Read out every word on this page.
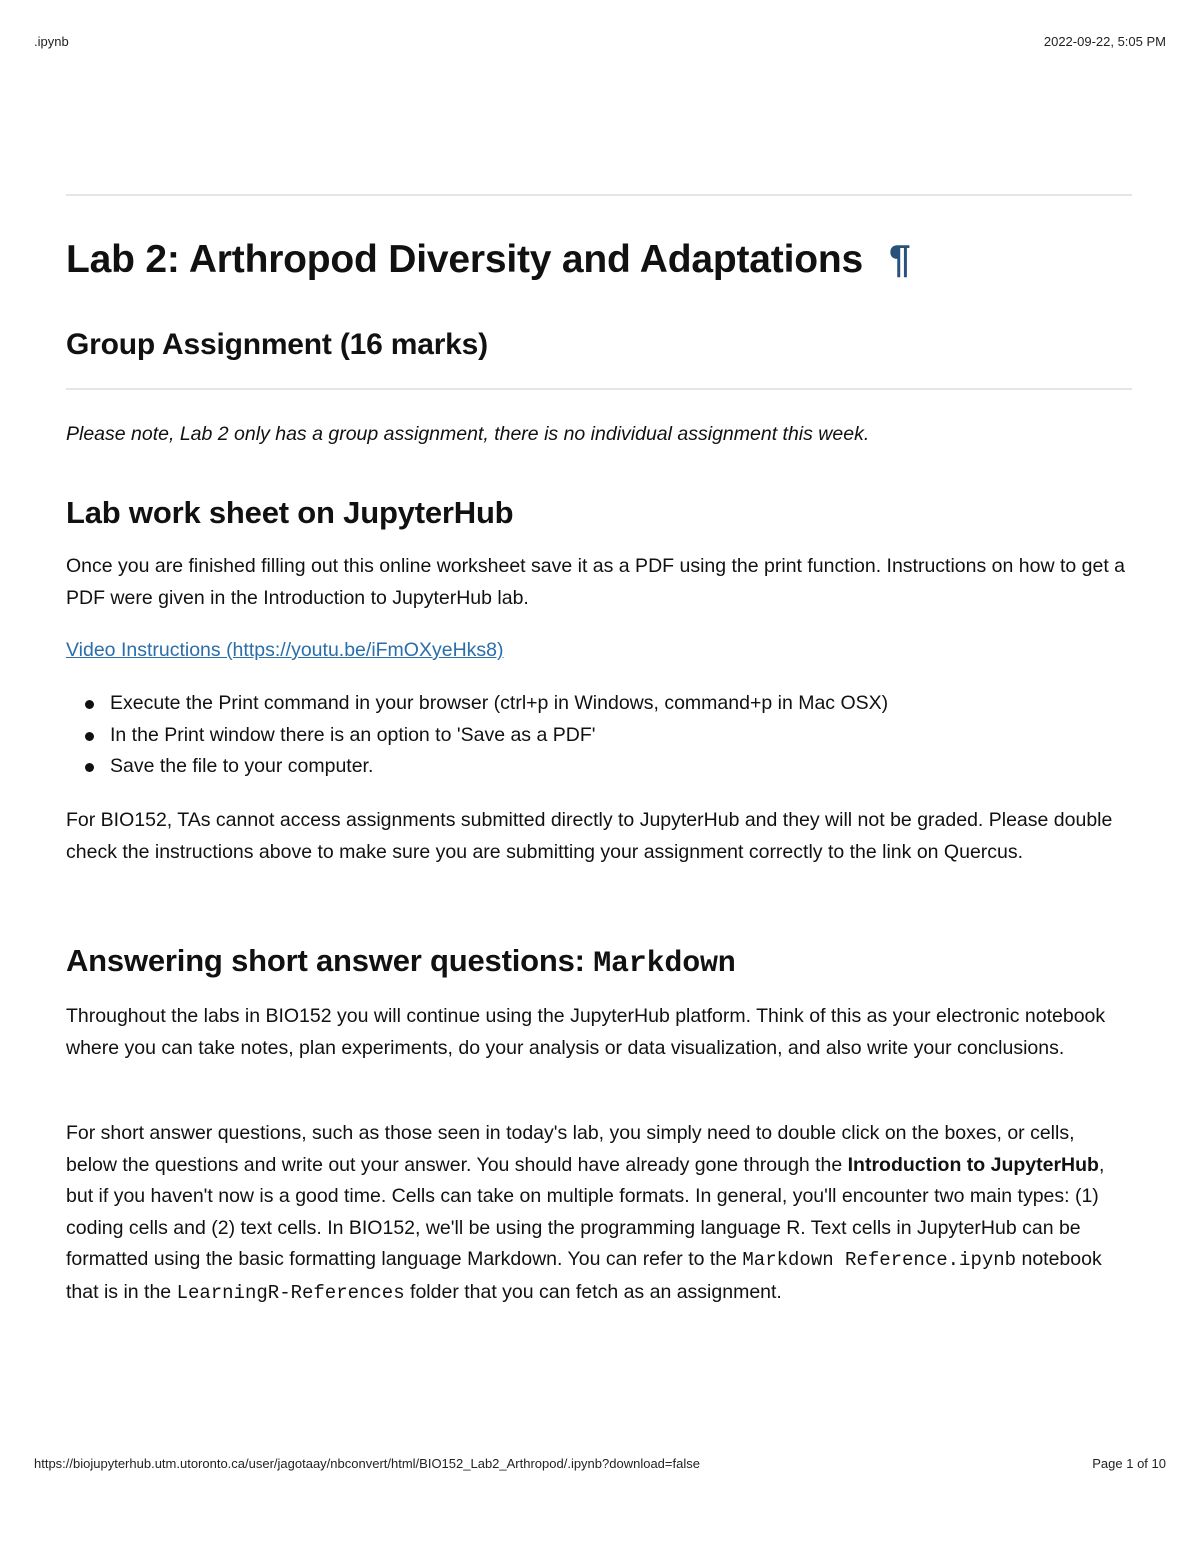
.ipynb	2022-09-22, 5:05 PM
Lab 2: Arthropod Diversity and Adaptations ¶
Group Assignment (16 marks)

Please note, Lab 2 only has a group assignment, there is no individual assignment this week.

Lab work sheet on JupyterHub

Once you are finished filling out this online worksheet save it as a PDF using the print function. Instructions on how to get a PDF were given in the Introduction to JupyterHub lab.

Video Instructions (https://youtu.be/iFmOXyeHks8)

Execute the Print command in your browser (ctrl+p in Windows, command+p in Mac OSX)
In the Print window there is an option to 'Save as a PDF'
Save the file to your computer.

For BIO152, TAs cannot access assignments submitted directly to JupyterHub and they will not be graded. Please double check the instructions above to make sure you are submitting your assignment correctly to the link on Quercus.

Answering short answer questions: Markdown

Throughout the labs in BIO152 you will continue using the JupyterHub platform. Think of this as your electronic notebook where you can take notes, plan experiments, do your analysis or data visualization, and also write your conclusions.

For short answer questions, such as those seen in today's lab, you simply need to double click on the boxes, or cells, below the questions and write out your answer. You should have already gone through the Introduction to JupyterHub, but if you haven't now is a good time. Cells can take on multiple formats. In general, you'll encounter two main types: (1) coding cells and (2) text cells. In BIO152, we'll be using the programming language R. Text cells in JupyterHub can be formatted using the basic formatting language Markdown. You can refer to the Markdown Reference.ipynb notebook that is in the LearningR-References folder that you can fetch as an assignment.

https://biojupyterhub.utm.utoronto.ca/user/jagotaay/nbconvert/html/BIO152_Lab2_Arthropod/.ipynb?download=false	Page 1 of 10
